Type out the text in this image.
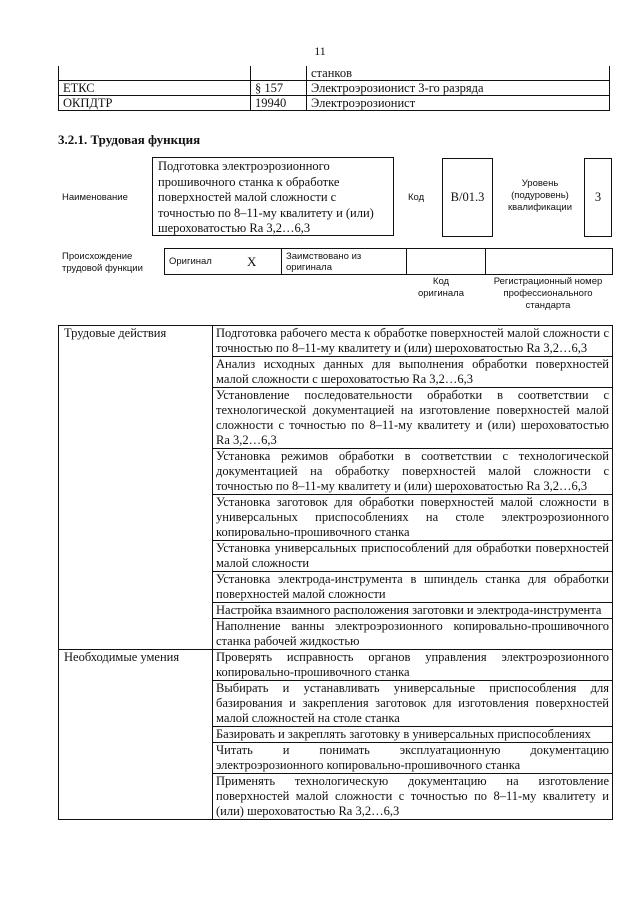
11
		станков
ЕТКС	§ 157	Электроэрозионист 3-го разряда
ОКПДТР	19940	Электроэрозионист
3.2.1. Трудовая функция
Наименование
Подготовка электроэрозионного прошивочного станка к обработке поверхностей малой сложности с точностью по 8–11-му квалитету и (или) шероховатостью Ra 3,2…6,3
Код	B/01.3
Уровень (подуровень) квалификации
3
Происхождение трудовой функции
Оригинал	X	Заимствовано из оригинала		
Код оригинала
Регистрационный номер профессионального стандарта
Трудовые действия	Подготовка рабочего места к обработке поверхностей малой сложности с точностью по 8–11-му квалитету и (или) шероховатостью Ra 3,2…6,3
	Анализ исходных данных для выполнения обработки поверхностей малой сложности с шероховатостью Ra 3,2…6,3
	Установление последовательности обработки в соответствии с технологической документацией на изготовление поверхностей малой сложности с точностью по 8–11-му квалитету и (или) шероховатостью Ra 3,2…6,3
	Установка режимов обработки в соответствии с технологической документацией на обработку поверхностей малой сложности с точностью по 8–11-му квалитету и (или) шероховатостью Ra 3,2…6,3
	Установка заготовок для обработки поверхностей малой сложности в универсальных приспособлениях на столе электроэрозионного копировально-прошивочного станка
	Установка универсальных приспособлений для обработки поверхностей малой сложности
	Установка электрода-инструмента в шпиндель станка для обработки поверхностей малой сложности
	Настройка взаимного расположения заготовки и электрода-инструмента
	Наполнение ванны электроэрозионного копировально-прошивочного станка рабочей жидкостью
Необходимые умения	Проверять исправность органов управления электроэрозионного копировально-прошивочного станка
	Выбирать и устанавливать универсальные приспособления для базирования и закрепления заготовок для изготовления поверхностей малой сложностей на столе станка
	Базировать и закреплять заготовку в универсальных приспособлениях
	Читать и понимать эксплуатационную документацию электроэрозионного копировально-прошивочного станка
	Применять технологическую документацию на изготовление поверхностей малой сложности с точностью по 8–11-му квалитету и (или) шероховатостью Ra 3,2…6,3
